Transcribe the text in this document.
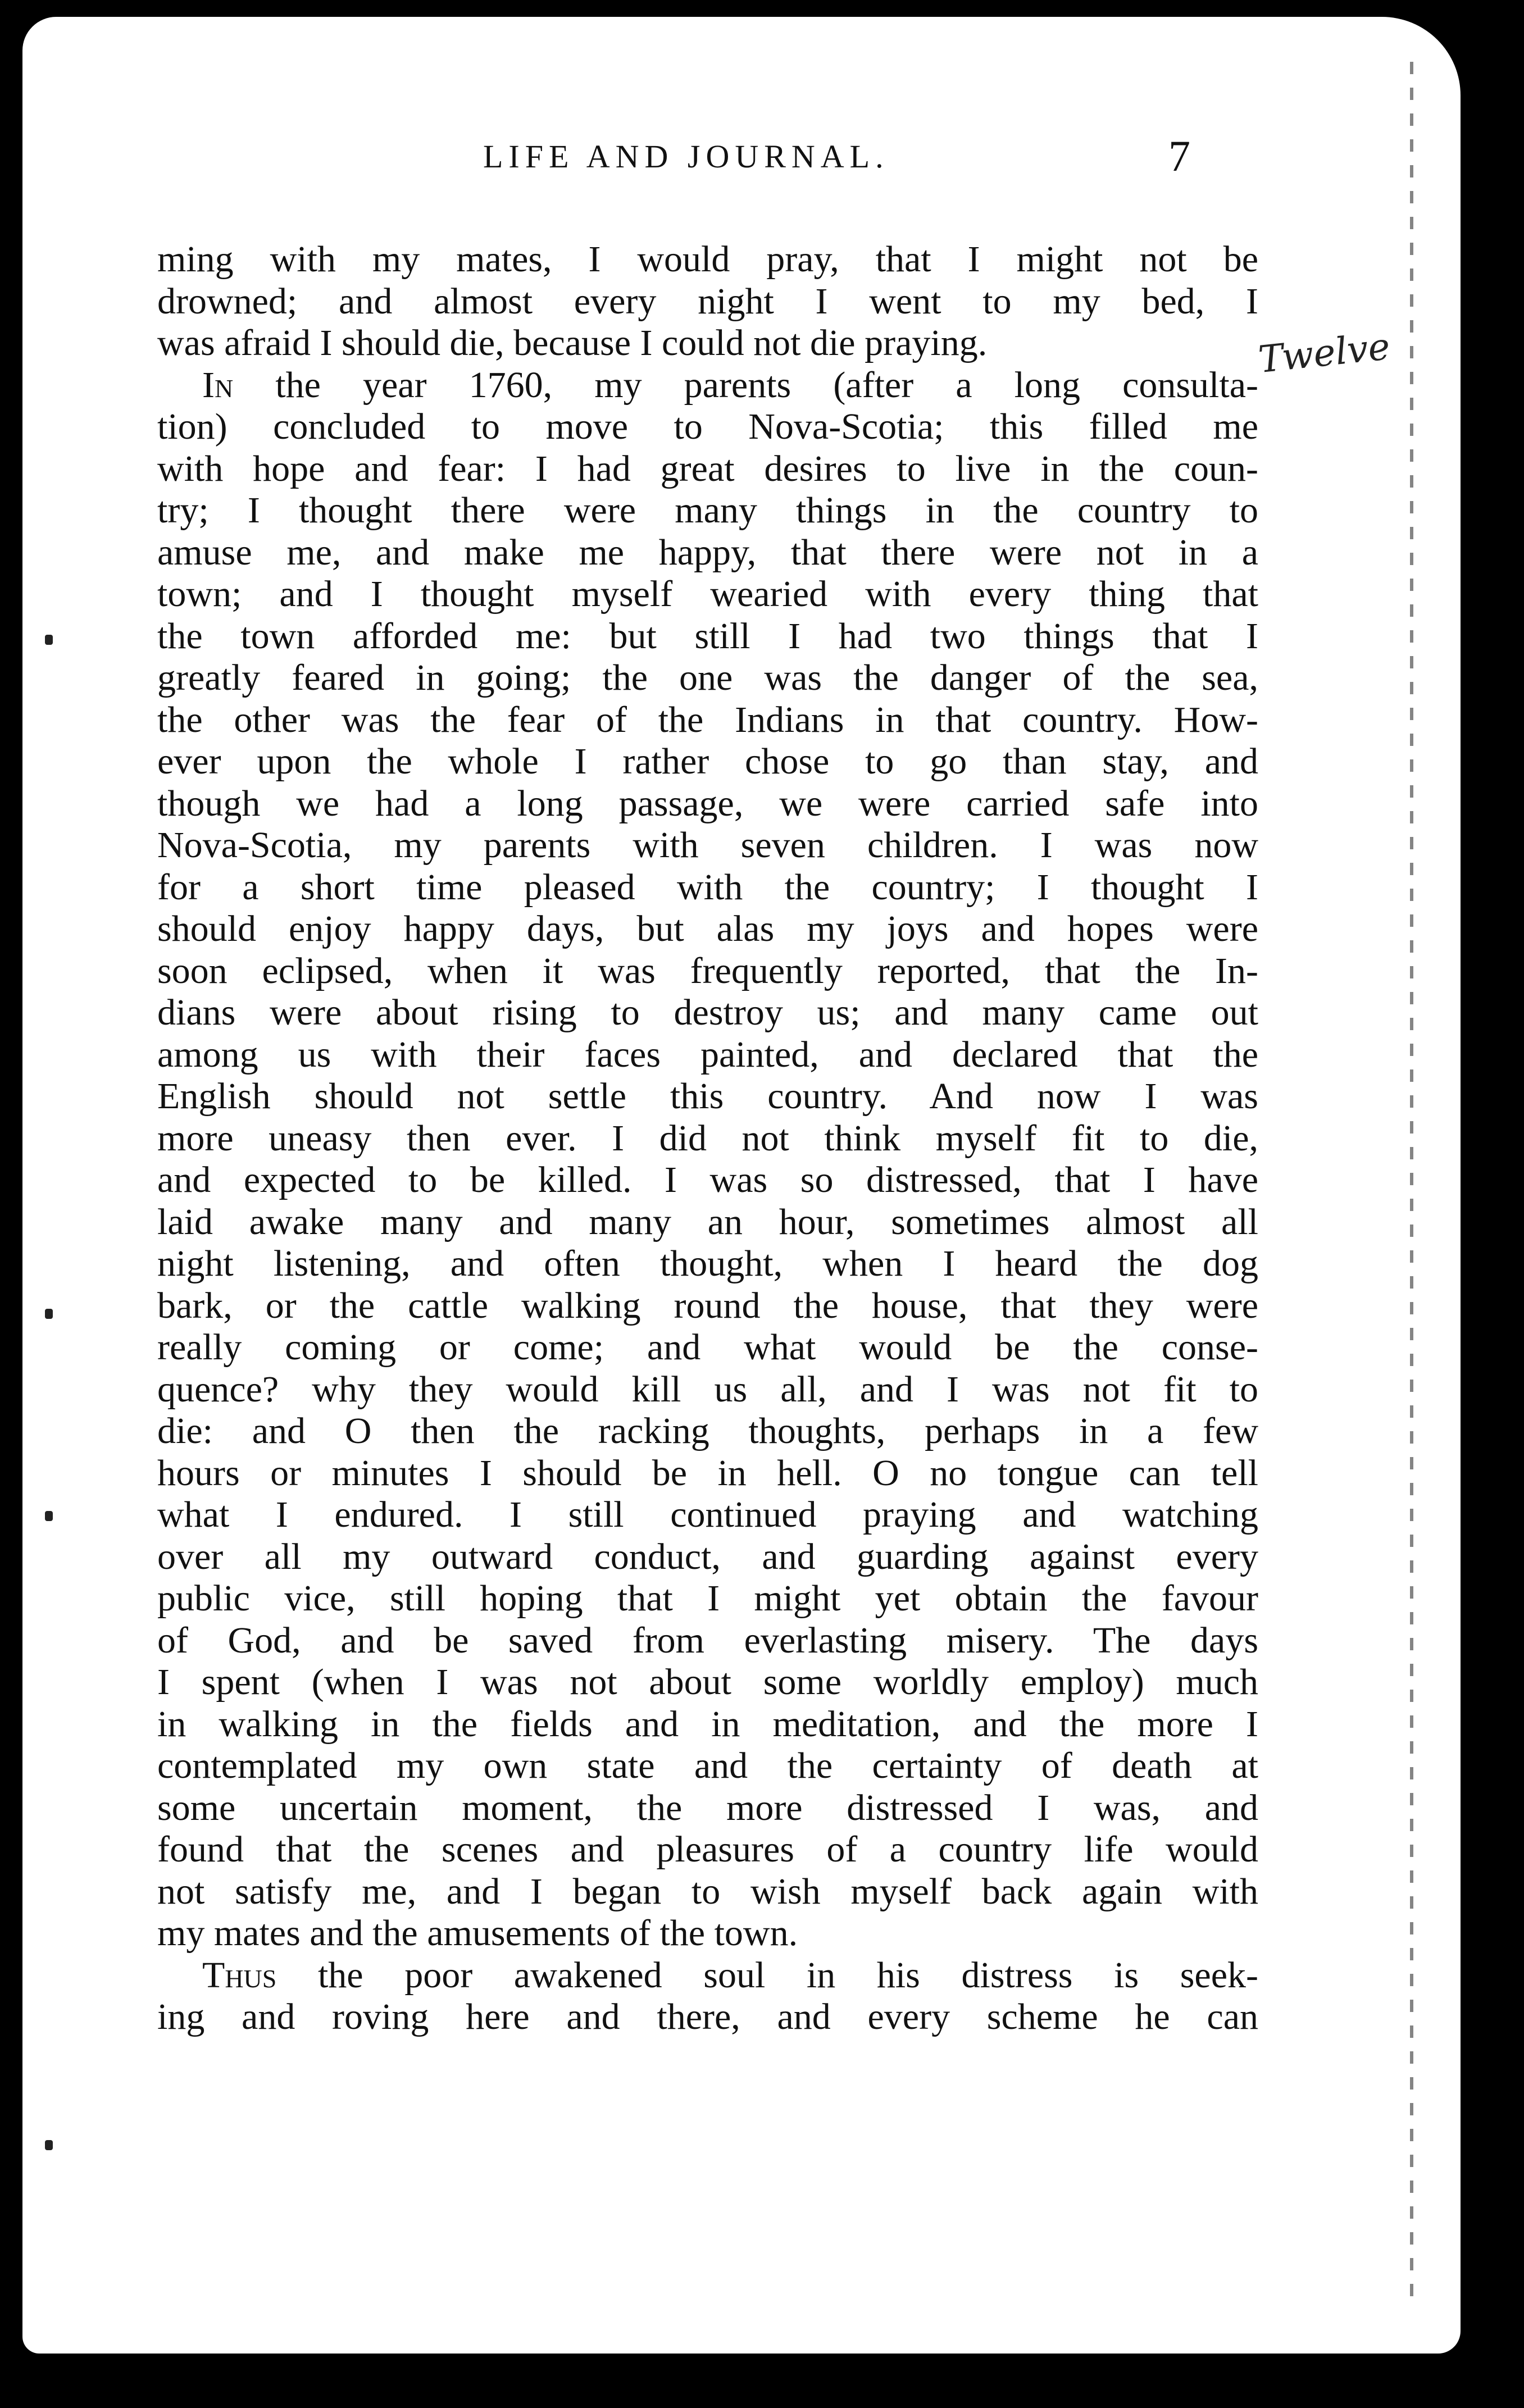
LIFE AND JOURNAL.	7
Twelve

ming with my mates, I would pray, that I might not be
drowned; and almost every night I went to my bed, I
was afraid I should die, because I could not die praying.

In the year 1760, my parents (after a long consulta-
tion) concluded to move to Nova-Scotia; this filled me
with hope and fear: I had great desires to live in the coun-
try; I thought there were many things in the country to
amuse me, and make me happy, that there were not in a
town; and I thought myself wearied with every thing that
the town afforded me: but still I had two things that I
greatly feared in going; the one was the danger of the sea,
the other was the fear of the Indians in that country. How-
ever upon the whole I rather chose to go than stay, and
though we had a long passage, we were carried safe into
Nova-Scotia, my parents with seven children. I was now
for a short time pleased with the country; I thought I
should enjoy happy days, but alas my joys and hopes were
soon eclipsed, when it was frequently reported, that the In-
dians were about rising to destroy us; and many came out
among us with their faces painted, and declared that the
English should not settle this country. And now I was
more uneasy then ever. I did not think myself fit to die,
and expected to be killed. I was so distressed, that I have
laid awake many and many an hour, sometimes almost all
night listening, and often thought, when I heard the dog
bark, or the cattle walking round the house, that they were
really coming or come; and what would be the conse-
quence? why they would kill us all, and I was not fit to
die: and O then the racking thoughts, perhaps in a few
hours or minutes I should be in hell. O no tongue can tell
what I endured. I still continued praying and watching
over all my outward conduct, and guarding against every
public vice, still hoping that I might yet obtain the favour
of God, and be saved from everlasting misery. The days
I spent (when I was not about some worldly employ) much
in walking in the fields and in meditation, and the more I
contemplated my own state and the certainty of death at
some uncertain moment, the more distressed I was, and
found that the scenes and pleasures of a country life would
not satisfy me, and I began to wish myself back again with
my mates and the amusements of the town.

Thus the poor awakened soul in his distress is seek-
ing and roving here and there, and every scheme he can
